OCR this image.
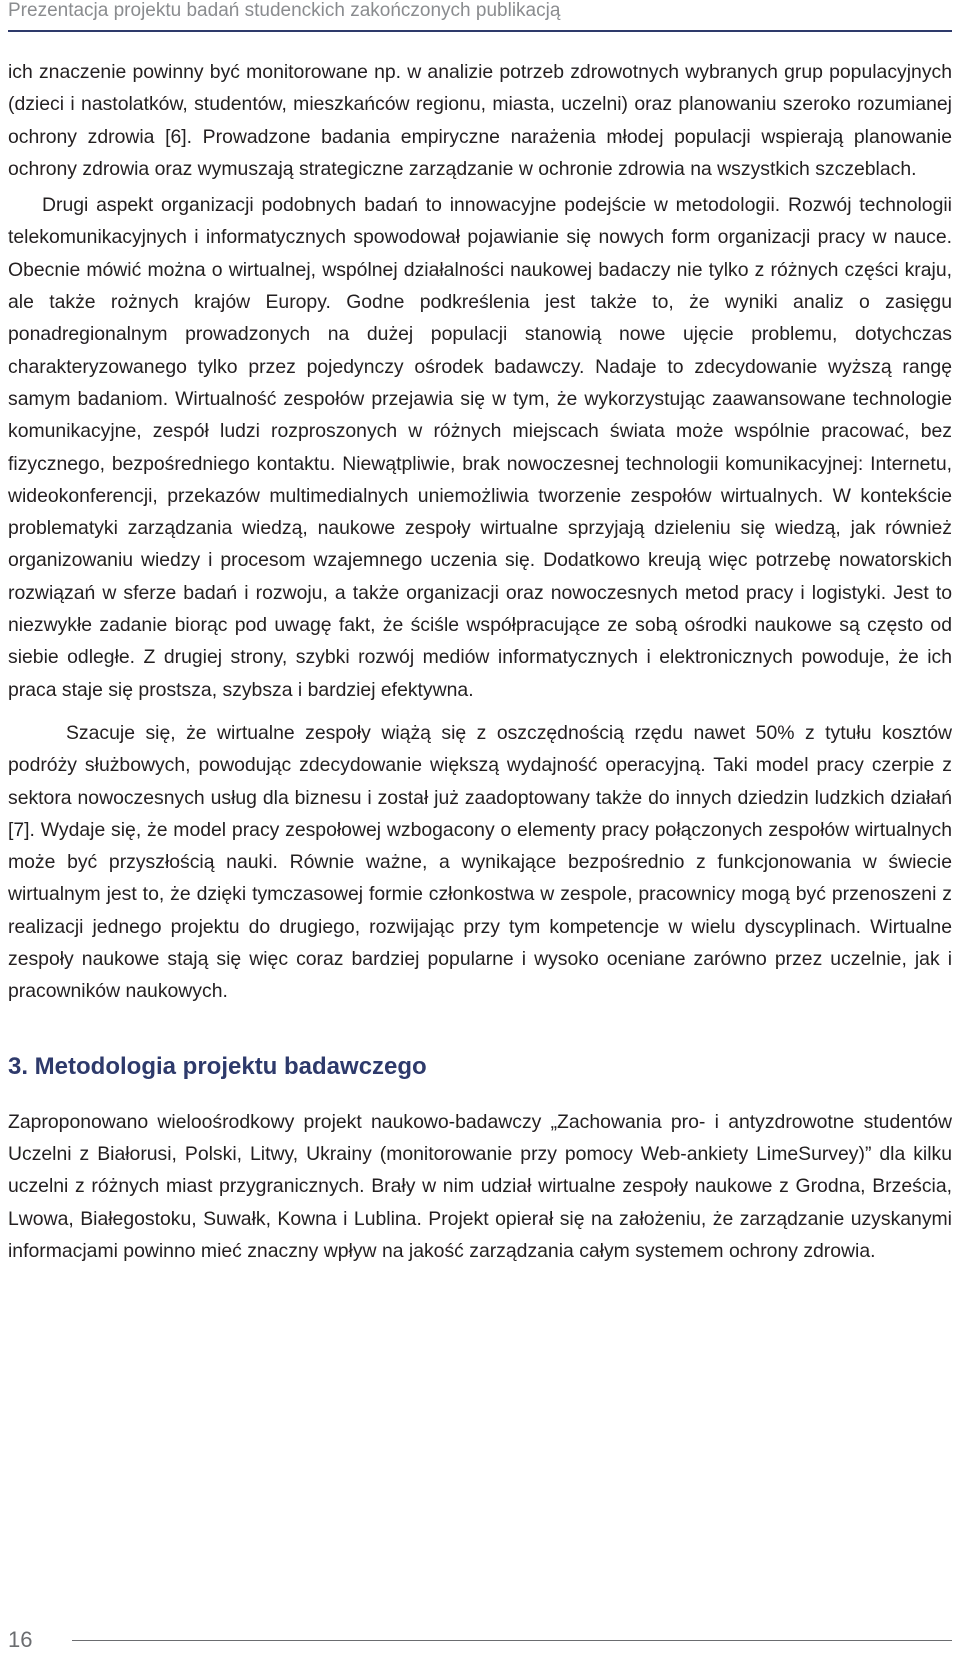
Prezentacja projektu badań studenckich zakończonych publikacją

ich znaczenie powinny być monitorowane np. w analizie potrzeb zdrowotnych wybranych grup populacyjnych (dzieci i nastolatków, studentów, mieszkańców regionu, miasta, uczelni) oraz planowaniu szeroko rozumianej ochrony zdrowia [6]. Prowadzone badania empiryczne narażenia młodej populacji wspierają planowanie ochrony zdrowia oraz wymuszają strategiczne zarządzanie w ochronie zdrowia na wszystkich szczeblach.

Drugi aspekt organizacji podobnych badań to innowacyjne podejście w metodologii. Rozwój technologii telekomunikacyjnych i informatycznych spowodował pojawianie się nowych form organizacji pracy w nauce. Obecnie mówić można o wirtualnej, wspólnej działalności naukowej badaczy nie tylko z różnych części kraju, ale także rożnych krajów Europy. Godne podkreślenia jest także to, że wyniki analiz o zasięgu ponadregionalnym prowadzonych na dużej populacji stanowią nowe ujęcie problemu, dotychczas charakteryzowanego tylko przez pojedynczy ośrodek badawczy. Nadaje to zdecydowanie wyższą rangę samym badaniom. Wirtualność zespołów przejawia się w tym, że wykorzystując zaawansowane technologie komunikacyjne, zespół ludzi rozproszonych w różnych miejscach świata może wspólnie pracować, bez fizycznego, bezpośredniego kontaktu. Niewątpliwie, brak nowoczesnej technologii komunikacyjnej: Internetu, wideokonferencji, przekazów multimedialnych uniemożliwia tworzenie zespołów wirtualnych. W kontekście problematyki zarządzania wiedzą, naukowe zespoły wirtualne sprzyjają dzieleniu się wiedzą, jak również organizowaniu wiedzy i procesom wzajemnego uczenia się. Dodatkowo kreują więc potrzebę nowatorskich rozwiązań w sferze badań i rozwoju, a także organizacji oraz nowoczesnych metod pracy i logistyki. Jest to niezwykłe zadanie biorąc pod uwagę fakt, że ściśle współpracujące ze sobą ośrodki naukowe są często od siebie odległe. Z drugiej strony, szybki rozwój mediów informatycznych i elektronicznych powoduje, że ich praca staje się prostsza, szybsza i bardziej efektywna.

Szacuje się, że wirtualne zespoły wiążą się z oszczędnością rzędu nawet 50% z tytułu kosztów podróży służbowych, powodując zdecydowanie większą wydajność operacyjną. Taki model pracy czerpie z sektora nowoczesnych usług dla biznesu i został już zaadoptowany także do innych dziedzin ludzkich działań [7]. Wydaje się, że model pracy zespołowej wzbogacony o elementy pracy połączonych zespołów wirtualnych może być przyszłością nauki. Równie ważne, a wynikające bezpośrednio z funkcjonowania w świecie wirtualnym jest to, że dzięki tymczasowej formie członkostwa w zespole, pracownicy mogą być przenoszeni z realizacji jednego projektu do drugiego, rozwijając przy tym kompetencje w wielu dyscyplinach. Wirtualne zespoły naukowe stają się więc coraz bardziej popularne i wysoko oceniane zarówno przez uczelnie, jak i pracowników naukowych.

3. Metodologia projektu badawczego

Zaproponowano wieloośrodkowy projekt naukowo-badawczy „Zachowania pro- i antyzdrowotne studentów Uczelni z Białorusi, Polski, Litwy, Ukrainy (monitorowanie przy pomocy Web-ankiety LimeSurvey)” dla kilku uczelni z różnych miast przygranicznych. Brały w nim udział wirtualne zespoły naukowe z Grodna, Brześcia, Lwowa, Białegostoku, Suwałk, Kowna i Lublina. Projekt opierał się na założeniu, że zarządzanie uzyskanymi informacjami powinno mieć znaczny wpływ na jakość zarządzania całym systemem ochrony zdrowia.

16
